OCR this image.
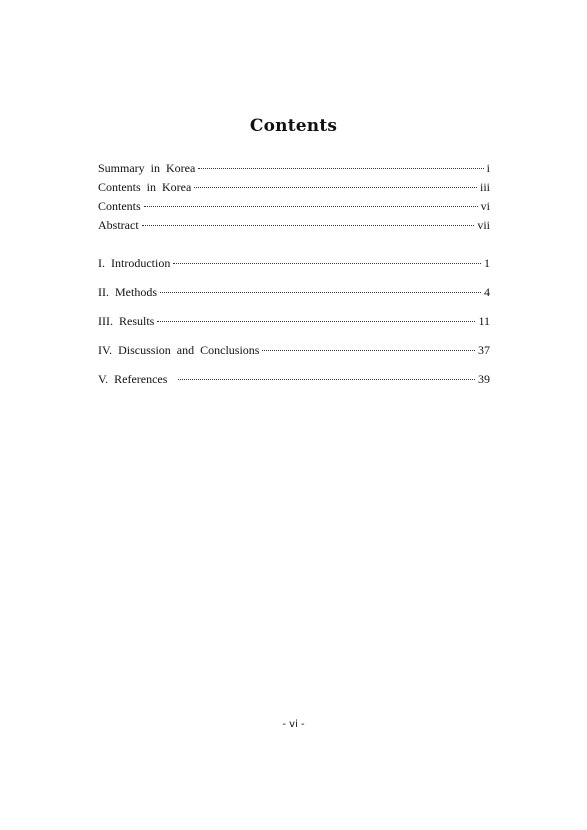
Contents
Summary in Korea	i
Contents in Korea	iii
Contents	vi
Abstract	vii
I. Introduction	1
II. Methods	4
III. Results	11
IV. Discussion and Conclusions	37
V. References	39
- vi -
